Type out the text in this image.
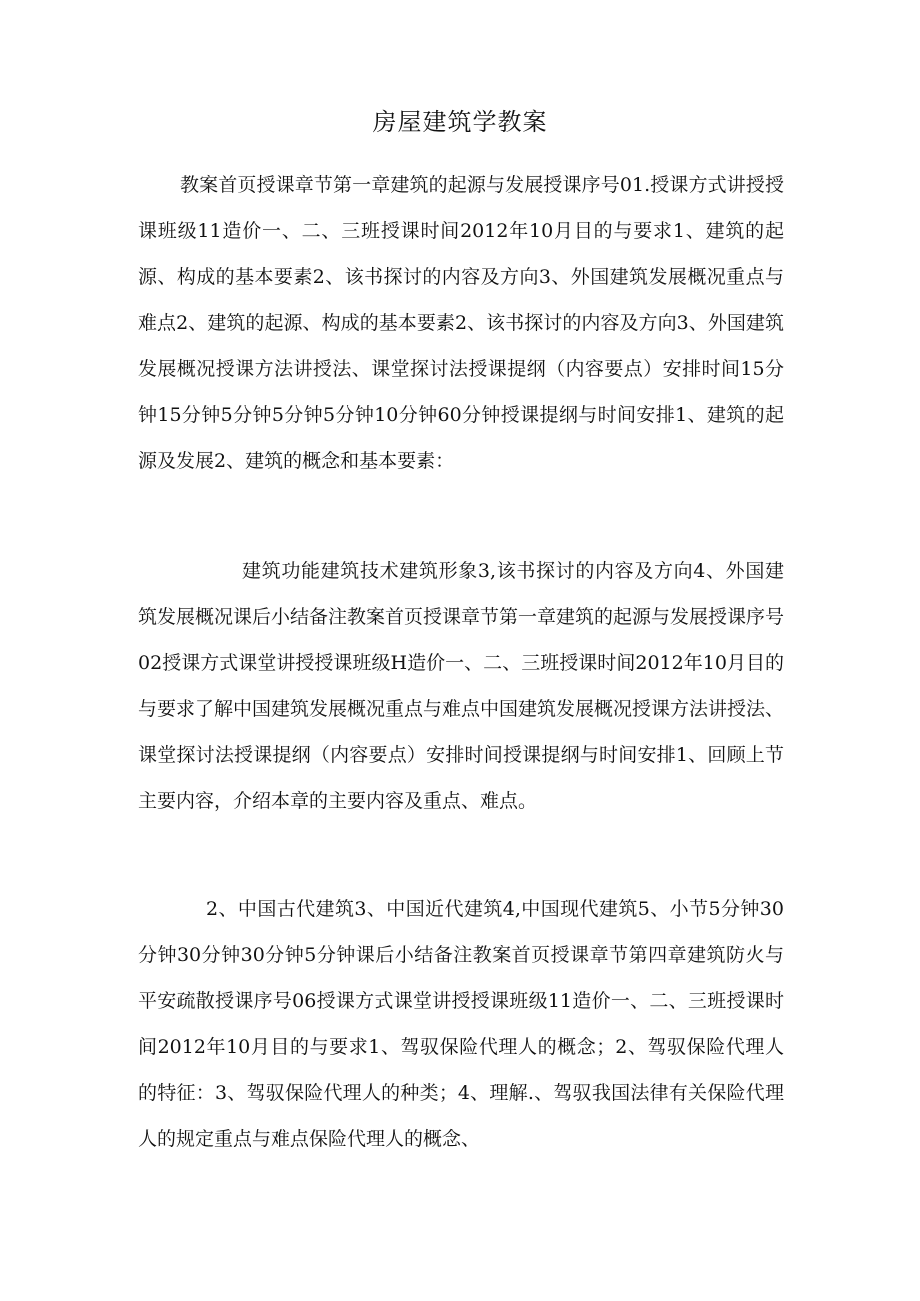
房屋建筑学教案

教案首页授课章节第一章建筑的起源与发展授课序号01.授课方式讲授授课班级11造价一、二、三班授课时间2012年10月目的与要求1、建筑的起源、构成的基本要素2、该书探讨的内容及方向3、外国建筑发展概况重点与难点2、建筑的起源、构成的基本要素2、该书探讨的内容及方向3、外国建筑发展概况授课方法讲授法、课堂探讨法授课提纲（内容要点）安排时间15分钟15分钟5分钟5分钟5分钟10分钟60分钟授课提纲与时间安排1、建筑的起源及发展2、建筑的概念和基本要素：

建筑功能建筑技术建筑形象3,该书探讨的内容及方向4、外国建筑发展概况课后小结备注教案首页授课章节第一章建筑的起源与发展授课序号02授课方式课堂讲授授课班级H造价一、二、三班授课时间2012年10月目的与要求了解中国建筑发展概况重点与难点中国建筑发展概况授课方法讲授法、课堂探讨法授课提纲（内容要点）安排时间授课提纲与时间安排1、回顾上节主要内容，介绍本章的主要内容及重点、难点。

2、中国古代建筑3、中国近代建筑4,中国现代建筑5、小节5分钟30分钟30分钟30分钟5分钟课后小结备注教案首页授课章节第四章建筑防火与平安疏散授课序号06授课方式课堂讲授授课班级11造价一、二、三班授课时间2012年10月目的与要求1、驾驭保险代理人的概念；2、驾驭保险代理人的特征：3、驾驭保险代理人的种类；4、理解.、驾驭我国法律有关保险代理人的规定重点与难点保险代理人的概念、
